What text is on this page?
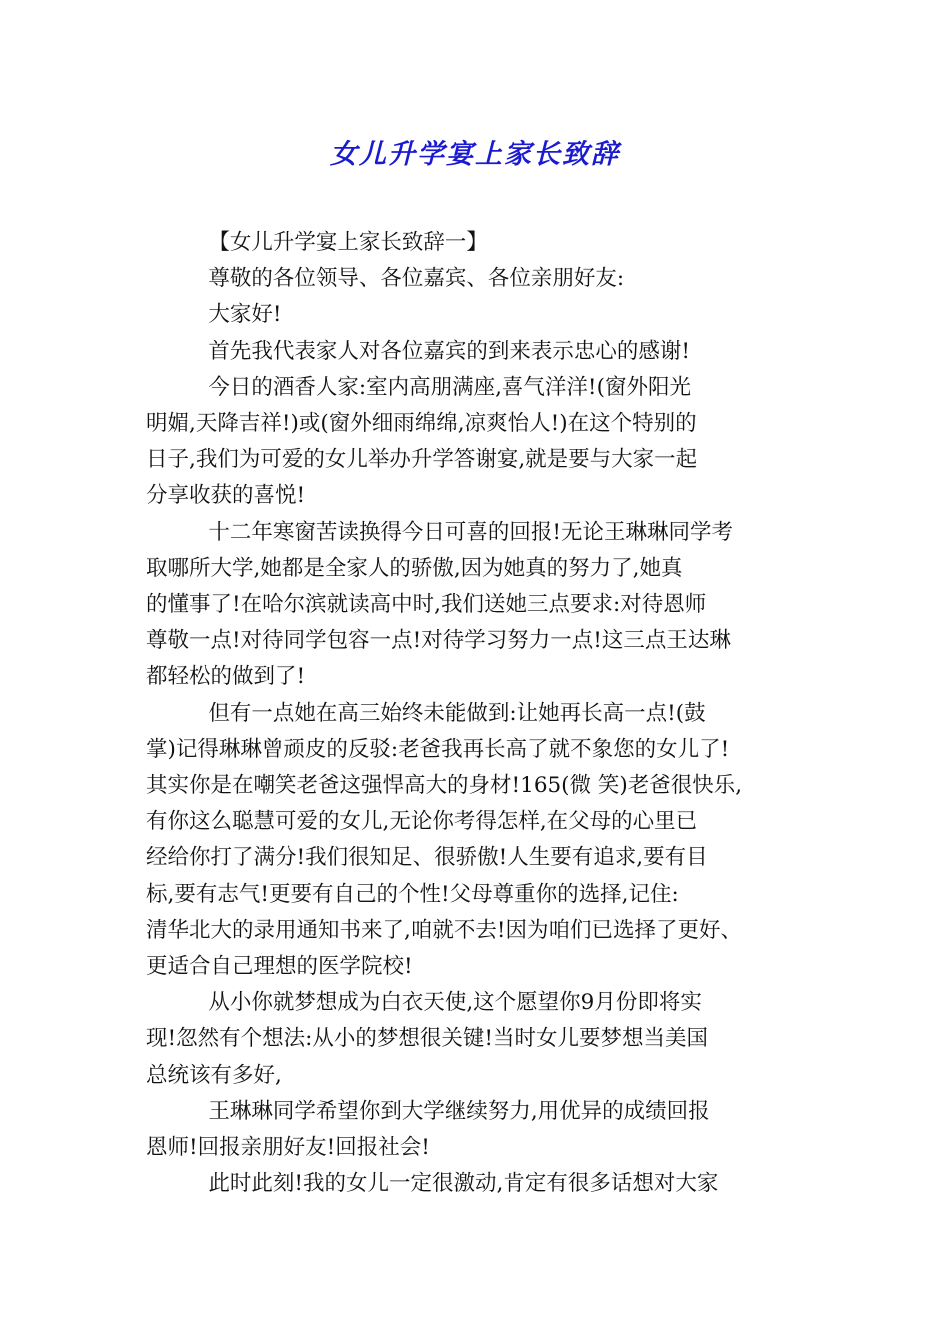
女儿升学宴上家长致辞

【女儿升学宴上家长致辞一】

尊敬的各位领导、各位嘉宾、各位亲朋好友:

大家好!

首先我代表家人对各位嘉宾的到来表示忠心的感谢!

今日的酒香人家:室内高朋满座,喜气洋洋!(窗外阳光
明媚,天降吉祥!)或(窗外细雨绵绵,凉爽怡人!)在这个特别的
日子,我们为可爱的女儿举办升学答谢宴,就是要与大家一起
分享收获的喜悦!

十二年寒窗苦读换得今日可喜的回报!无论王琳琳同学考
取哪所大学,她都是全家人的骄傲,因为她真的努力了,她真
的懂事了!在哈尔滨就读高中时,我们送她三点要求:对待恩师
尊敬一点!对待同学包容一点!对待学习努力一点!这三点王达琳
都轻松的做到了!

但有一点她在高三始终未能做到:让她再长高一点!(鼓
掌)记得琳琳曾顽皮的反驳:老爸我再长高了就不象您的女儿了!
其实你是在嘲笑老爸这强悍高大的身材!165(微 笑)老爸很快乐,
有你这么聪慧可爱的女儿,无论你考得怎样,在父母的心里已
经给你打了满分!我们很知足、很骄傲!人生要有追求,要有目
标,要有志气!更要有自己的个性!父母尊重你的选择,记住:
清华北大的录用通知书来了,咱就不去!因为咱们已选择了更好、
更适合自己理想的医学院校!

从小你就梦想成为白衣天使,这个愿望你9月份即将实
现!忽然有个想法:从小的梦想很关键!当时女儿要梦想当美国
总统该有多好,

王琳琳同学希望你到大学继续努力,用优异的成绩回报
恩师!回报亲朋好友!回报社会!

此时此刻!我的女儿一定很激动,肯定有很多话想对大家
